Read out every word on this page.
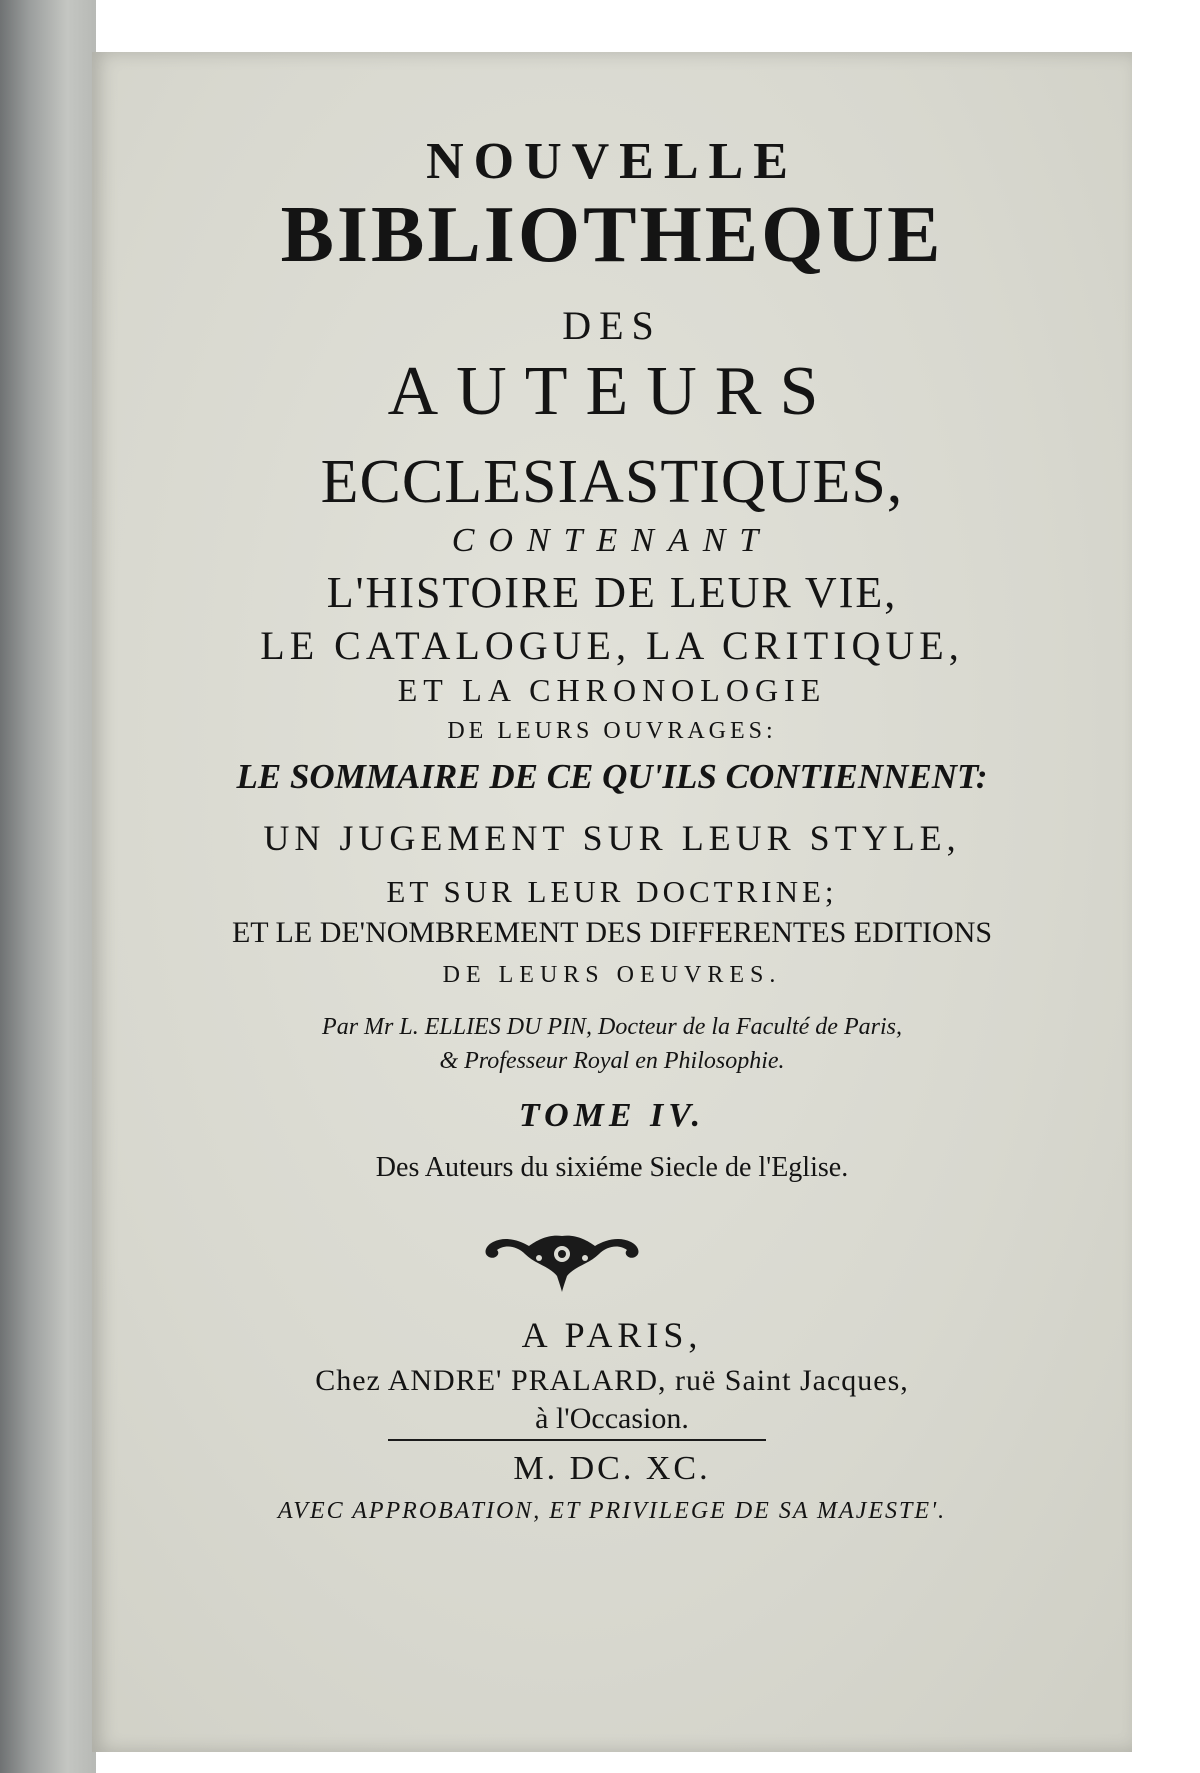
NOUVELLE

BIBLIOTHEQUE

DES

AUTEURS

ECCLESIASTIQUES,

CONTENANT

L'HISTOIRE DE LEUR VIE,

LE CATALOGUE, LA CRITIQUE,

ET LA CHRONOLOGIE

DE LEURS OUVRAGES:

LE SOMMAIRE DE CE QU'ILS CONTIENNENT:

UN JUGEMENT SUR LEUR STYLE,

ET SUR LEUR DOCTRINE;

ET LE DE'NOMBREMENT DES DIFFERENTES EDITIONS

DE LEURS OEUVRES.

Par Mr L. ELLIES DU PIN, Docteur de la Faculté de Paris,

& Professeur Royal en Philosophie.

TOME IV.

Des Auteurs du sixiéme Siecle de l'Eglise.

A PARIS,

Chez ANDRE' PRALARD, ruë Saint Jacques,

à l'Occasion.

M. DC. XC.

AVEC APPROBATION, ET PRIVILEGE DE SA MAJESTE'.
